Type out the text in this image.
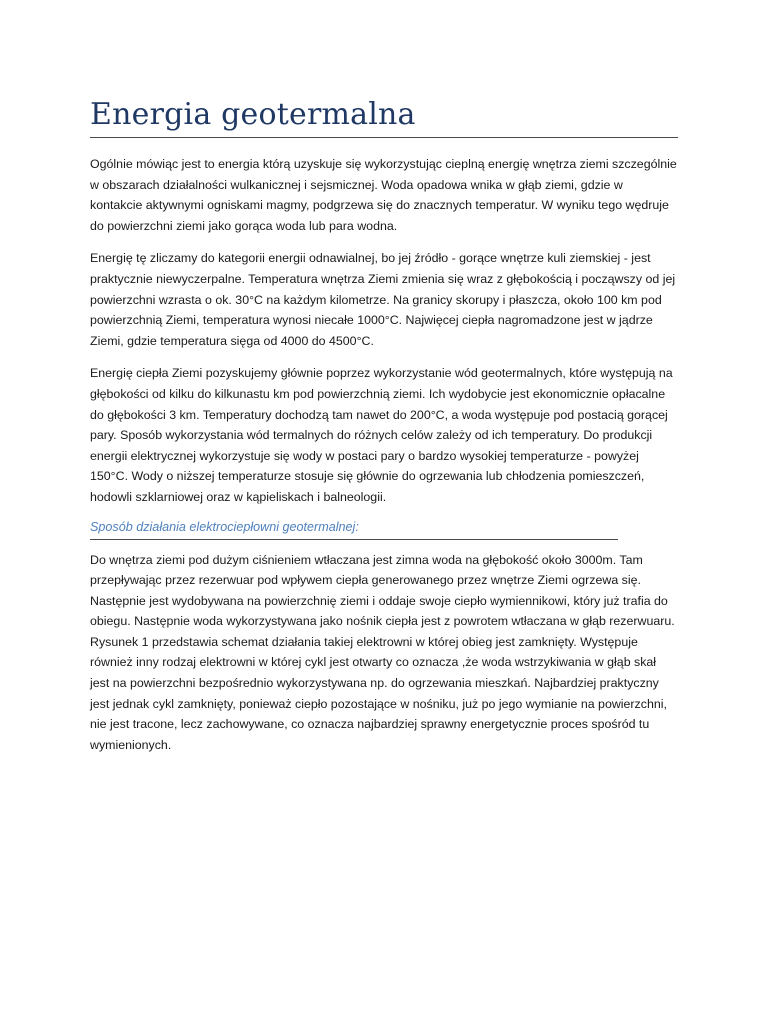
Energia geotermalna

Ogólnie mówiąc jest to energia którą uzyskuje się wykorzystując cieplną energię wnętrza ziemi szczególnie w obszarach działalności wulkanicznej i sejsmicznej. Woda opadowa wnika w głąb ziemi, gdzie w kontakcie aktywnymi ogniskami magmy, podgrzewa się do znacznych temperatur. W wyniku tego wędruje do powierzchni ziemi jako gorąca woda lub para wodna.

Energię tę zliczamy do kategorii energii odnawialnej, bo jej źródło - gorące wnętrze kuli ziemskiej - jest praktycznie niewyczerpalne. Temperatura wnętrza Ziemi zmienia się wraz z głębokością i począwszy od jej powierzchni wzrasta o ok. 30°C na każdym kilometrze. Na granicy skorupy i płaszcza, około 100 km pod powierzchnią Ziemi, temperatura wynosi niecałe 1000°C. Najwięcej ciepła nagromadzone jest w jądrze Ziemi, gdzie temperatura sięga od 4000 do 4500°C.

Energię ciepła Ziemi pozyskujemy głównie poprzez wykorzystanie wód geotermalnych, które występują na głębokości od kilku do kilkunastu km pod powierzchnią ziemi. Ich wydobycie jest ekonomicznie opłacalne do głębokości 3 km. Temperatury dochodzą tam nawet do 200°C, a woda występuje pod postacią gorącej pary. Sposób wykorzystania wód termalnych do różnych celów zależy od ich temperatury. Do produkcji energii elektrycznej wykorzystuje się wody w postaci pary o bardzo wysokiej temperaturze - powyżej 150°C. Wody o niższej temperaturze stosuje się głównie do ogrzewania lub chłodzenia pomieszczeń, hodowli szklarniowej oraz w kąpieliskach i balneologii.

Sposób działania elektrociepłowni geotermalnej:

Do wnętrza ziemi pod dużym ciśnieniem wtłaczana jest zimna woda na głębokość około 3000m. Tam przepływając przez rezerwuar pod wpływem ciepła generowanego przez wnętrze Ziemi ogrzewa się. Następnie jest wydobywana na powierzchnię ziemi i oddaje swoje ciepło wymiennikowi, który już trafia do obiegu. Następnie woda wykorzystywana jako nośnik ciepła jest z powrotem wtłaczana w głąb rezerwuaru. Rysunek 1 przedstawia schemat działania takiej elektrowni w której obieg jest zamknięty. Występuje również inny rodzaj elektrowni w której cykl jest otwarty co oznacza ,że woda wstrzykiwania w głąb skał jest na powierzchni bezpośrednio wykorzystywana np. do ogrzewania mieszkań. Najbardziej praktyczny jest jednak cykl zamknięty, ponieważ ciepło pozostające w nośniku, już po jego wymianie na powierzchni, nie jest tracone, lecz zachowywane, co oznacza najbardziej sprawny energetycznie proces spośród tu wymienionych.
